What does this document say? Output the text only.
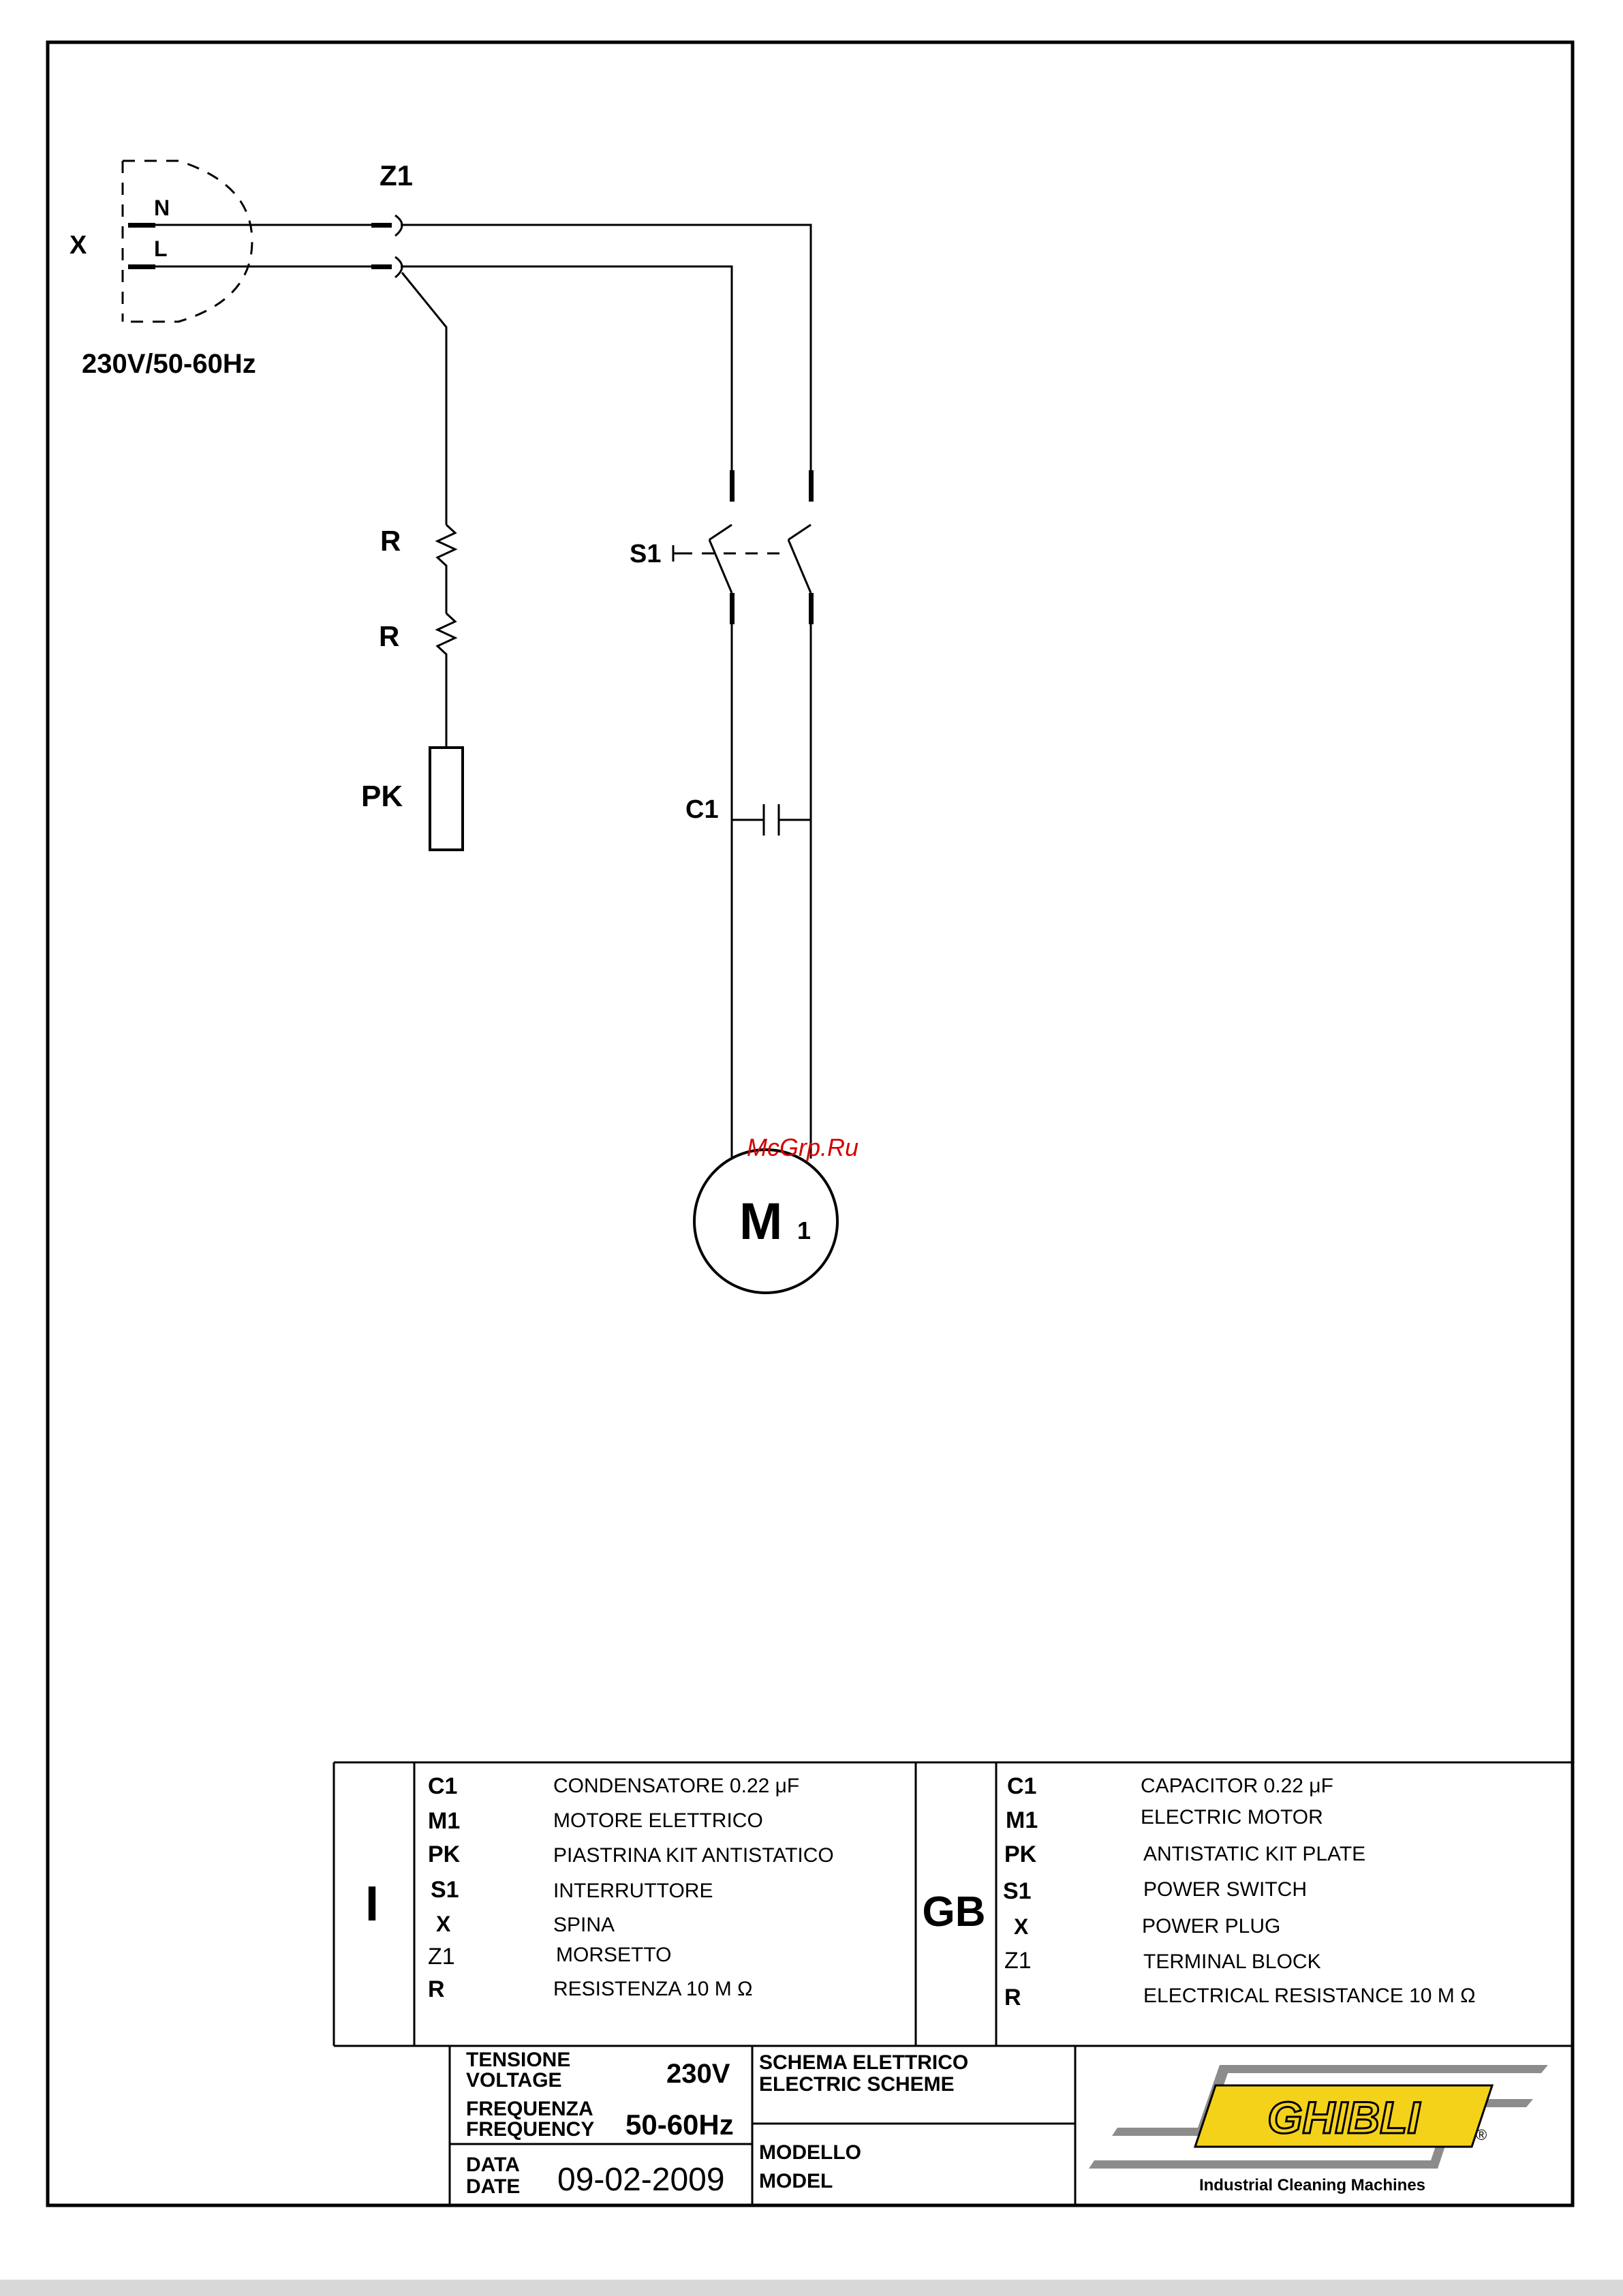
X
N
L
230V/50-60Hz
Z1
R
R
PK
S1
C1
M 1
McGrp.Ru
I	GB
C1	CONDENSATORE 0.22 μF
M1	MOTORE ELETTRICO
PK	PIASTRINA KIT ANTISTATICO
S1	INTERRUTTORE
X	SPINA
Z1	MORSETTO
R	RESISTENZA 10 M Ω
C1	CAPACITOR 0.22 μF
M1	ELECTRIC MOTOR
PK	ANTISTATIC KIT PLATE
S1	POWER SWITCH
X	POWER PLUG
Z1	TERMINAL BLOCK
R	ELECTRICAL RESISTANCE 10 M Ω
TENSIONE
VOLTAGE	230V
FREQUENZA
FREQUENCY 50-60Hz
DATA
DATE 09-02-2009
SCHEMA ELETTRICO
ELECTRIC SCHEME
MODELLO
MODEL
GHIBLI	®
Industrial Cleaning Machines
